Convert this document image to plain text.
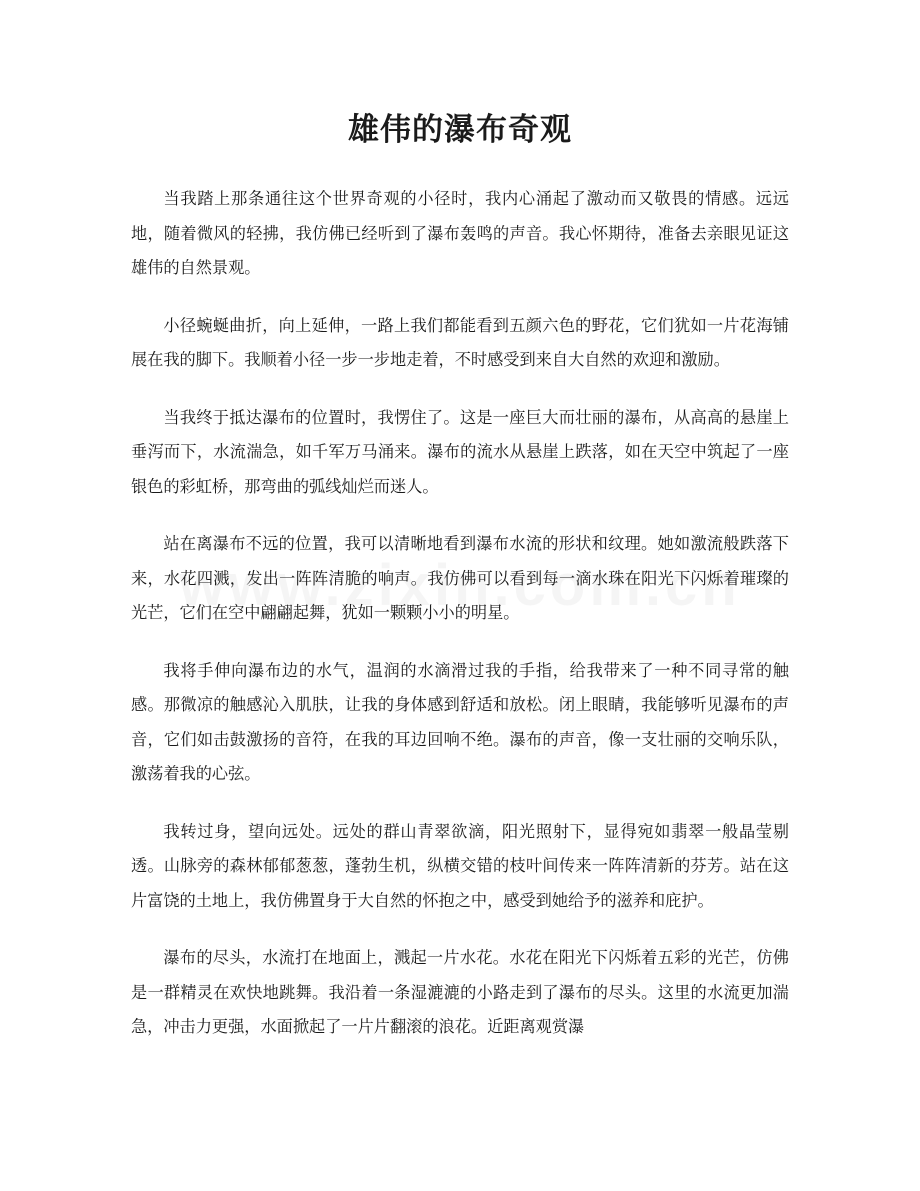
雄伟的瀑布奇观

当我踏上那条通往这个世界奇观的小径时，我内心涌起了激动而又敬畏的情感。远远地，随着微风的轻拂，我仿佛已经听到了瀑布轰鸣的声音。我心怀期待，准备去亲眼见证这雄伟的自然景观。

小径蜿蜒曲折，向上延伸，一路上我们都能看到五颜六色的野花，它们犹如一片花海铺展在我的脚下。我顺着小径一步一步地走着，不时感受到来自大自然的欢迎和激励。

当我终于抵达瀑布的位置时，我愣住了。这是一座巨大而壮丽的瀑布，从高高的悬崖上垂泻而下，水流湍急，如千军万马涌来。瀑布的流水从悬崖上跌落，如在天空中筑起了一座银色的彩虹桥，那弯曲的弧线灿烂而迷人。

站在离瀑布不远的位置，我可以清晰地看到瀑布水流的形状和纹理。她如激流般跌落下来，水花四溅，发出一阵阵清脆的响声。我仿佛可以看到每一滴水珠在阳光下闪烁着璀璨的光芒，它们在空中翩翩起舞，犹如一颗颗小小的明星。

我将手伸向瀑布边的水气，温润的水滴滑过我的手指，给我带来了一种不同寻常的触感。那微凉的触感沁入肌肤，让我的身体感到舒适和放松。闭上眼睛，我能够听见瀑布的声音，它们如击鼓激扬的音符，在我的耳边回响不绝。瀑布的声音，像一支壮丽的交响乐队，激荡着我的心弦。

我转过身，望向远处。远处的群山青翠欲滴，阳光照射下，显得宛如翡翠一般晶莹剔透。山脉旁的森林郁郁葱葱，蓬勃生机，纵横交错的枝叶间传来一阵阵清新的芬芳。站在这片富饶的土地上，我仿佛置身于大自然的怀抱之中，感受到她给予的滋养和庇护。

瀑布的尽头，水流打在地面上，溅起一片水花。水花在阳光下闪烁着五彩的光芒，仿佛是一群精灵在欢快地跳舞。我沿着一条湿漉漉的小路走到了瀑布的尽头。这里的水流更加湍急，冲击力更强，水面掀起了一片片翻滚的浪花。近距离观赏瀑
